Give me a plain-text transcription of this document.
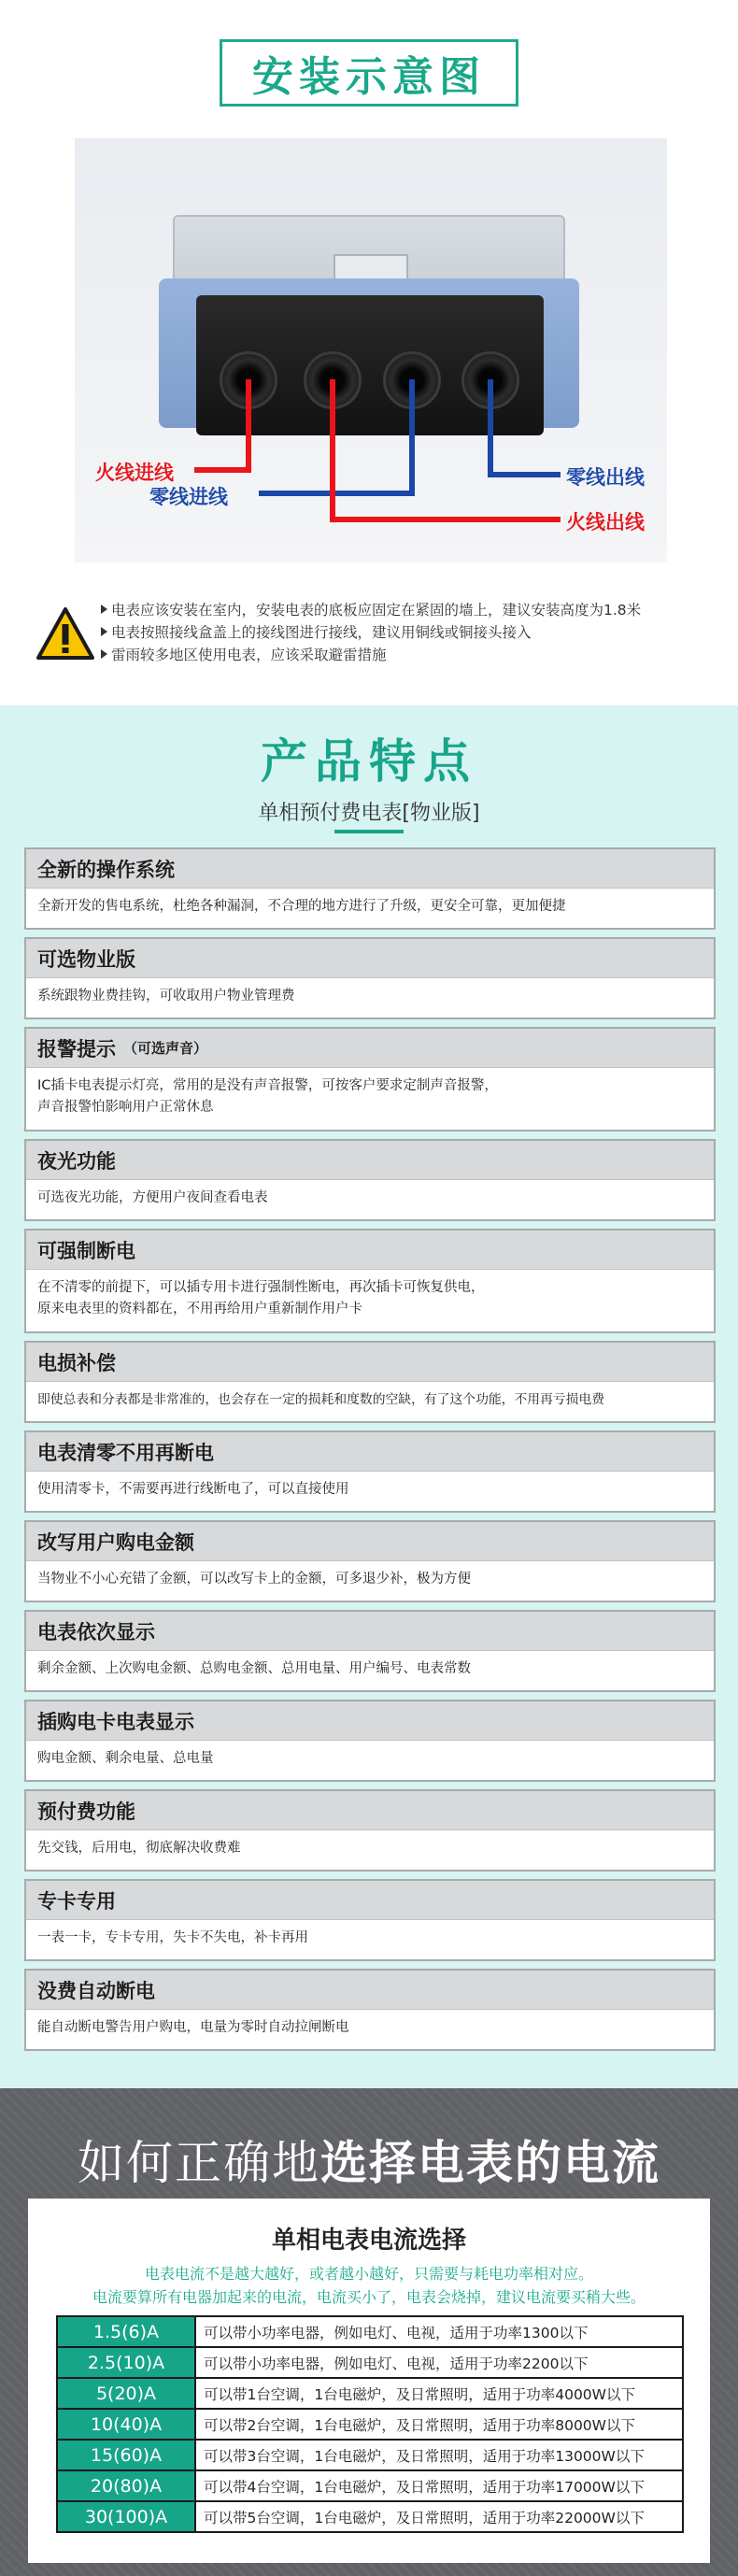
安装示意图
火线进线
零线进线
零线出线
火线出线
电表应该安装在室内，安装电表的底板应固定在紧固的墙上，建议安装高度为1.8米
电表按照接线盒盖上的接线图进行接线，建议用铜线或铜接头接入
雷雨较多地区使用电表，应该采取避雷措施
产品特点
单相预付费电表[物业版]
全新的操作系统
全新开发的售电系统，杜绝各种漏洞，不合理的地方进行了升级，更安全可靠，更加便捷
可选物业版
系统跟物业费挂钩，可收取用户物业管理费
报警提示 （可选声音）
IC插卡电表提示灯亮，常用的是没有声音报警，可按客户要求定制声音报警，
声音报警怕影响用户正常休息
夜光功能
可选夜光功能，方便用户夜间查看电表
可强制断电
在不清零的前提下，可以插专用卡进行强制性断电，再次插卡可恢复供电，
原来电表里的资料都在，不用再给用户重新制作用户卡
电损补偿
即使总表和分表都是非常准的，也会存在一定的损耗和度数的空缺，有了这个功能，不用再亏损电费
电表清零不用再断电
使用清零卡，不需要再进行线断电了，可以直接使用
改写用户购电金额
当物业不小心充错了金额，可以改写卡上的金额，可多退少补，极为方便
电表依次显示
剩余金额、上次购电金额、总购电金额、总用电量、用户编号、电表常数
插购电卡电表显示
购电金额、剩余电量、总电量
预付费功能
先交钱，后用电，彻底解决收费难
专卡专用
一表一卡，专卡专用，失卡不失电，补卡再用
没费自动断电
能自动断电警告用户购电，电量为零时自动拉闸断电
如何正确地选择电表的电流
单相电表电流选择
电表电流不是越大越好，或者越小越好，只需要与耗电功率相对应。
电流要算所有电器加起来的电流，电流买小了，电表会烧掉，建议电流要买稍大些。
1.5(6)A	可以带小功率电器，例如电灯、电视，适用于功率1300以下
2.5(10)A	可以带小功率电器，例如电灯、电视，适用于功率2200以下
5(20)A	可以带1台空调，1台电磁炉，及日常照明，适用于功率4000W以下
10(40)A	可以带2台空调，1台电磁炉，及日常照明，适用于功率8000W以下
15(60)A	可以带3台空调，1台电磁炉，及日常照明，适用于功率13000W以下
20(80)A	可以带4台空调，1台电磁炉，及日常照明，适用于功率17000W以下
30(100)A	可以带5台空调，1台电磁炉，及日常照明，适用于功率22000W以下
